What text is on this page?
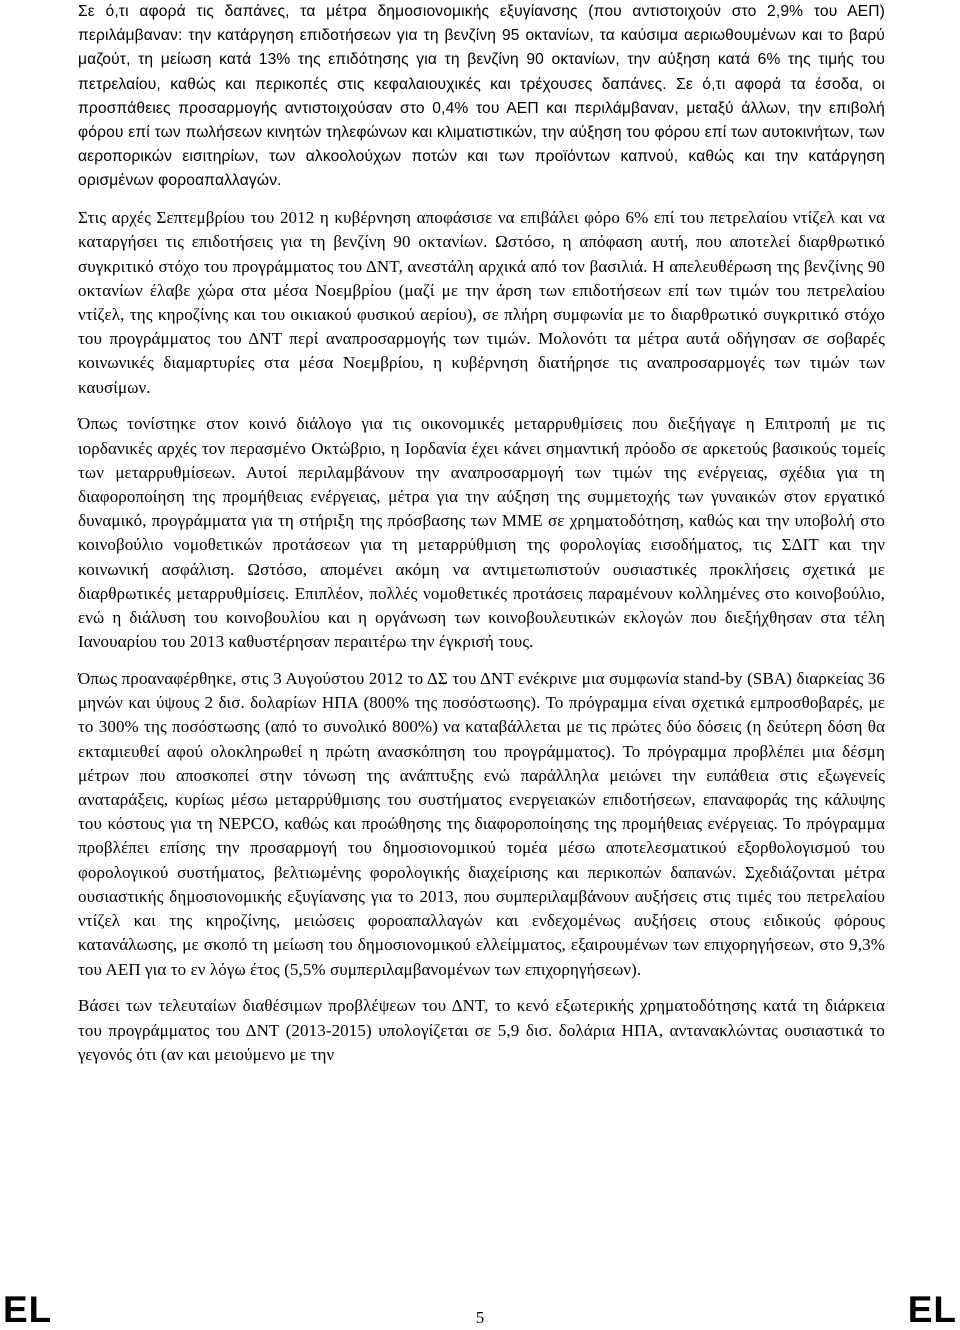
Σε ό,τι αφορά τις δαπάνες, τα μέτρα δημοσιονομικής εξυγίανσης (που αντιστοιχούν στο 2,9% του ΑΕΠ) περιλάμβαναν: την κατάργηση επιδοτήσεων για τη βενζίνη 95 οκτανίων, τα καύσιμα αεριωθουμένων και το βαρύ μαζούτ, τη μείωση κατά 13% της επιδότησης για τη βενζίνη 90 οκτανίων, την αύξηση κατά 6% της τιμής του πετρελαίου, καθώς και περικοπές στις κεφαλαιουχικές και τρέχουσες δαπάνες. Σε ό,τι αφορά τα έσοδα, οι προσπάθειες προσαρμογής αντιστοιχούσαν στο 0,4% του ΑΕΠ και περιλάμβαναν, μεταξύ άλλων, την επιβολή φόρου επί των πωλήσεων κινητών τηλεφώνων και κλιματιστικών, την αύξηση του φόρου επί των αυτοκινήτων, των αεροπορικών εισιτηρίων, των αλκοολούχων ποτών και των προϊόντων καπνού, καθώς και την κατάργηση ορισμένων φοροαπαλλαγών.

Στις αρχές Σεπτεμβρίου του 2012 η κυβέρνηση αποφάσισε να επιβάλει φόρο 6% επί του πετρελαίου ντίζελ και να καταργήσει τις επιδοτήσεις για τη βενζίνη 90 οκτανίων. Ωστόσο, η απόφαση αυτή, που αποτελεί διαρθρωτικό συγκριτικό στόχο του προγράμματος του ΔΝΤ, ανεστάλη αρχικά από τον βασιλιά. Η απελευθέρωση της βενζίνης 90 οκτανίων έλαβε χώρα στα μέσα Νοεμβρίου (μαζί με την άρση των επιδοτήσεων επί των τιμών του πετρελαίου ντίζελ, της κηροζίνης και του οικιακού φυσικού αερίου), σε πλήρη συμφωνία με το διαρθρωτικό συγκριτικό στόχο του προγράμματος του ΔΝΤ περί αναπροσαρμογής των τιμών. Μολονότι τα μέτρα αυτά οδήγησαν σε σοβαρές κοινωνικές διαμαρτυρίες στα μέσα Νοεμβρίου, η κυβέρνηση διατήρησε τις αναπροσαρμογές των τιμών των καυσίμων.

Όπως τονίστηκε στον κοινό διάλογο για τις οικονομικές μεταρρυθμίσεις που διεξήγαγε η Επιτροπή με τις ιορδανικές αρχές τον περασμένο Οκτώβριο, η Ιορδανία έχει κάνει σημαντική πρόοδο σε αρκετούς βασικούς τομείς των μεταρρυθμίσεων. Αυτοί περιλαμβάνουν την αναπροσαρμογή των τιμών της ενέργειας, σχέδια για τη διαφοροποίηση της προμήθειας ενέργειας, μέτρα για την αύξηση της συμμετοχής των γυναικών στον εργατικό δυναμικό, προγράμματα για τη στήριξη της πρόσβασης των ΜΜΕ σε χρηματοδότηση, καθώς και την υποβολή στο κοινοβούλιο νομοθετικών προτάσεων για τη μεταρρύθμιση της φορολογίας εισοδήματος, τις ΣΔΙΤ και την κοινωνική ασφάλιση. Ωστόσο, απομένει ακόμη να αντιμετωπιστούν ουσιαστικές προκλήσεις σχετικά με διαρθρωτικές μεταρρυθμίσεις. Επιπλέον, πολλές νομοθετικές προτάσεις παραμένουν κολλημένες στο κοινοβούλιο, ενώ η διάλυση του κοινοβουλίου και η οργάνωση των κοινοβουλευτικών εκλογών που διεξήχθησαν στα τέλη Ιανουαρίου του 2013 καθυστέρησαν περαιτέρω την έγκρισή τους.

Όπως προαναφέρθηκε, στις 3 Αυγούστου 2012 το ΔΣ του ΔΝΤ ενέκρινε μια συμφωνία stand-by (SBA) διαρκείας 36 μηνών και ύψους 2 δισ. δολαρίων ΗΠΑ (800% της ποσόστωσης). Το πρόγραμμα είναι σχετικά εμπροσθοβαρές, με το 300% της ποσόστωσης (από το συνολικό 800%) να καταβάλλεται με τις πρώτες δύο δόσεις (η δεύτερη δόση θα εκταμιευθεί αφού ολοκληρωθεί η πρώτη ανασκόπηση του προγράμματος). Το πρόγραμμα προβλέπει μια δέσμη μέτρων που αποσκοπεί στην τόνωση της ανάπτυξης ενώ παράλληλα μειώνει την ευπάθεια στις εξωγενείς αναταράξεις, κυρίως μέσω μεταρρύθμισης του συστήματος ενεργειακών επιδοτήσεων, επαναφοράς της κάλυψης του κόστους για τη NEPCO, καθώς και προώθησης της διαφοροποίησης της προμήθειας ενέργειας. Το πρόγραμμα προβλέπει επίσης την προσαρμογή του δημοσιονομικού τομέα μέσω αποτελεσματικού εξορθολογισμού του φορολογικού συστήματος, βελτιωμένης φορολογικής διαχείρισης και περικοπών δαπανών. Σχεδιάζονται μέτρα ουσιαστικής δημοσιονομικής εξυγίανσης για το 2013, που συμπεριλαμβάνουν αυξήσεις στις τιμές του πετρελαίου ντίζελ και της κηροζίνης, μειώσεις φοροαπαλλαγών και ενδεχομένως αυξήσεις στους ειδικούς φόρους κατανάλωσης, με σκοπό τη μείωση του δημοσιονομικού ελλείμματος, εξαιρουμένων των επιχορηγήσεων, στο 9,3% του ΑΕΠ για το εν λόγω έτος (5,5% συμπεριλαμβανομένων των επιχορηγήσεων).

Βάσει των τελευταίων διαθέσιμων προβλέψεων του ΔΝΤ, το κενό εξωτερικής χρηματοδότησης κατά τη διάρκεια του προγράμματος του ΔΝΤ (2013-2015) υπολογίζεται σε 5,9 δισ. δολάρια ΗΠΑ, αντανακλώντας ουσιαστικά το γεγονός ότι (αν και μειούμενο με την

EL	5	EL
